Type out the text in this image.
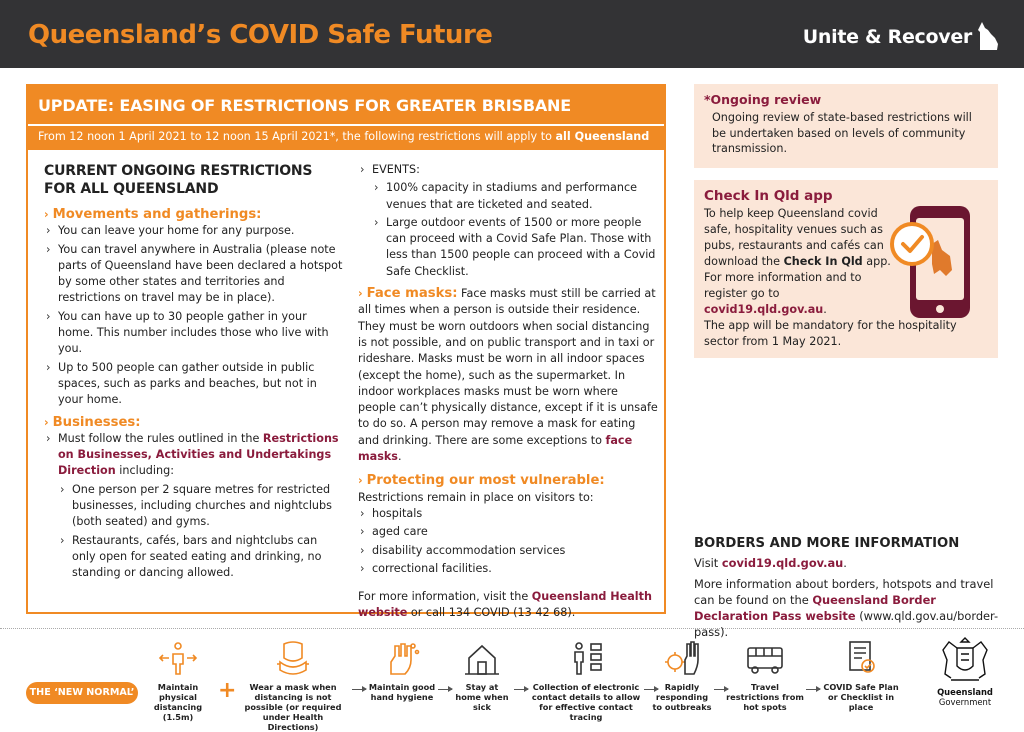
Queensland’s COVID Safe Future	Unite & Recover
UPDATE: EASING OF RESTRICTIONS FOR GREATER BRISBANE
From 12 noon 1 April 2021 to 12 noon 15 April 2021*, the following restrictions will apply to all Queensland
CURRENT ONGOING RESTRICTIONS
FOR ALL QUEENSLAND
› Movements and gatherings:
› You can leave your home for any purpose.
› You can travel anywhere in Australia (please note parts of Queensland have been declared a hotspot by some other states and territories and restrictions on travel may be in place).
› You can have up to 30 people gather in your home. This number includes those who live with you.
› Up to 500 people can gather outside in public spaces, such as parks and beaches, but not in your home.
› Businesses:
› Must follow the rules outlined in the Restrictions on Businesses, Activities and Undertakings Direction including:
› One person per 2 square metres for restricted businesses, including churches and nightclubs (both seated) and gyms.
› Restaurants, cafés, bars and nightclubs can only open for seated eating and drinking, no standing or dancing allowed.
› EVENTS:
› 100% capacity in stadiums and performance venues that are ticketed and seated.
› Large outdoor events of 1500 or more people can proceed with a Covid Safe Plan. Those with less than 1500 people can proceed with a Covid Safe Checklist.
› Face masks: Face masks must still be carried at all times when a person is outside their residence. They must be worn outdoors when social distancing is not possible, and on public transport and in taxi or rideshare. Masks must be worn in all indoor spaces (except the home), such as the supermarket. In indoor workplaces masks must be worn where people can’t physically distance, except if it is unsafe to do so. A person may remove a mask for eating and drinking. There are some exceptions to face masks.
› Protecting our most vulnerable:
Restrictions remain in place on visitors to:
› hospitals
› aged care
› disability accommodation services
› correctional facilities.
For more information, visit the Queensland Health website or call 134 COVID (13 42 68).
*Ongoing review
Ongoing review of state-based restrictions will be undertaken based on levels of community transmission.
Check In Qld app
To help keep Queensland covid safe, hospitality venues such as pubs, restaurants and cafés can download the Check In Qld app. For more information and to register go to covid19.qld.gov.au.
The app will be mandatory for the hospitality sector from 1 May 2021.
BORDERS AND MORE INFORMATION
Visit covid19.qld.gov.au.
More information about borders, hotspots and travel can be found on the Queensland Border Declaration Pass website (www.qld.gov.au/border-pass).
THE ‘NEW NORMAL’	Maintain physical distancing (1.5m)
+	Wear a mask when distancing is not possible (or required under Health Directions)
Maintain good hand hygiene
Stay at home when sick
Collection of electronic contact details to allow for effective contact tracing
Rapidly responding to outbreaks
Travel restrictions from hot spots
COVID Safe Plan or Checklist in place
Queensland
Government
